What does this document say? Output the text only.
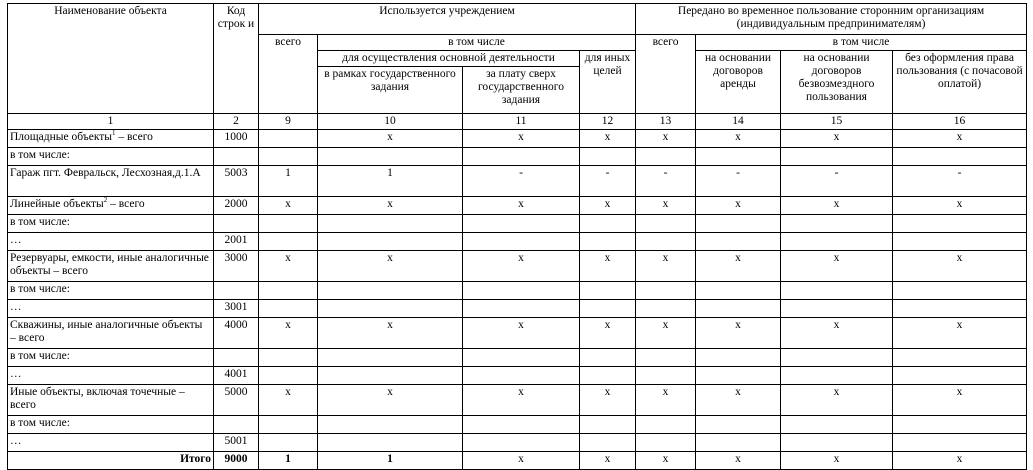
Наименование объекта	Код строк и	Используется учреждением				Передано во временное пользование сторонним организациям (индивидуальным предпринимателям)			
		всего	в том числе			всего	в том числе		
			для осуществления основной деятельности		для иных целей		на основании договоров аренды	на основании договоров безвозмездного пользования	без оформления права пользования (с почасовой оплатой)
			в рамках государственного задания	за плату сверх государственного задания					
1	2	9	10	11	12	13	14	15	16
Площадные объекты$^1$ – всего	1000		x	x	x	x	x	x	x
в том числе:									
Гараж пгт. Февральск, Лесхозная,д.1.А	5003	1	1	-	-	-	-	-	-
Линейные объекты$^2$ – всего	2000	x	x	x	x	x	x	x	x
в том числе:									
…	2001								
Резервуары, емкости, иные аналогичные объекты – всего	3000	x	x	x	x	x	x	x	x
в том числе:									
…	3001								
Скважины, иные аналогичные объекты – всего	4000	x	x	x	x	x	x	x	x
в том числе:									
…	4001								
Иные объекты, включая точечные – всего	5000	x	x	x	x	x	x	x	x
в том числе:									
…	5001								
Итого	9000	1	1	x	x	x	x	x	x
